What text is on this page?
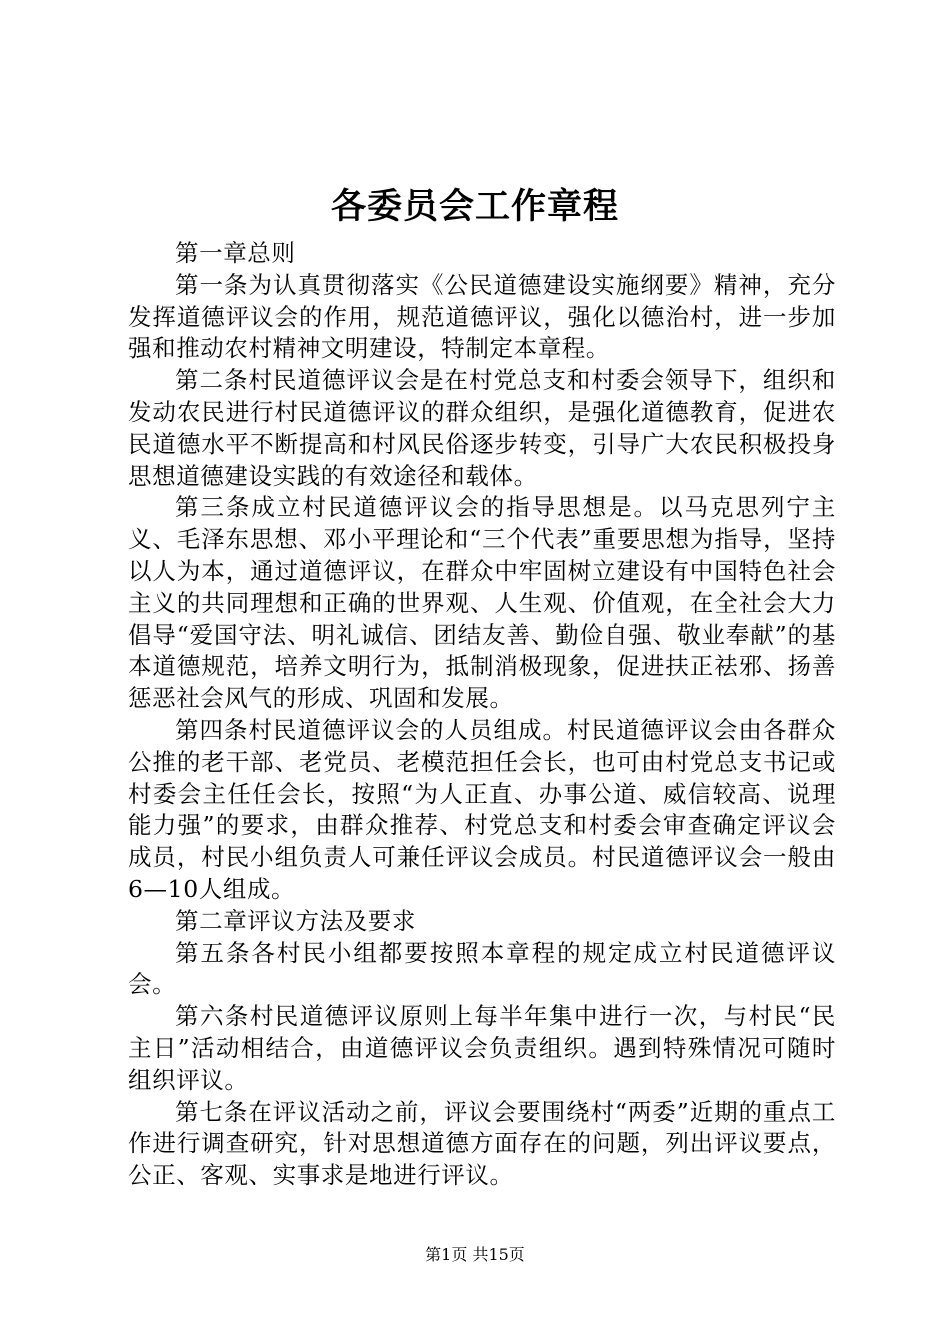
各委员会工作章程

第一章总则

第一条为认真贯彻落实《公民道德建设实施纲要》精神，充分发挥道德评议会的作用，规范道德评议，强化以德治村，进一步加强和推动农村精神文明建设，特制定本章程。

第二条村民道德评议会是在村党总支和村委会领导下，组织和发动农民进行村民道德评议的群众组织，是强化道德教育，促进农民道德水平不断提高和村风民俗逐步转变，引导广大农民积极投身思想道德建设实践的有效途径和载体。

第三条成立村民道德评议会的指导思想是。以马克思列宁主义、毛泽东思想、邓小平理论和“三个代表”重要思想为指导，坚持以人为本，通过道德评议，在群众中牢固树立建设有中国特色社会主义的共同理想和正确的世界观、人生观、价值观，在全社会大力倡导“爱国守法、明礼诚信、团结友善、勤俭自强、敬业奉献”的基本道德规范，培养文明行为，抵制消极现象，促进扶正祛邪、扬善惩恶社会风气的形成、巩固和发展。

第四条村民道德评议会的人员组成。村民道德评议会由各群众公推的老干部、老党员、老模范担任会长，也可由村党总支书记或村委会主任任会长，按照“为人正直、办事公道、威信较高、说理能力强”的要求，由群众推荐、村党总支和村委会审查确定评议会成员，村民小组负责人可兼任评议会成员。村民道德评议会一般由6—10人组成。

第二章评议方法及要求

第五条各村民小组都要按照本章程的规定成立村民道德评议会。

第六条村民道德评议原则上每半年集中进行一次，与村民“民主日”活动相结合，由道德评议会负责组织。遇到特殊情况可随时组织评议。

第七条在评议活动之前，评议会要围绕村“两委”近期的重点工作进行调查研究，针对思想道德方面存在的问题，列出评议要点，公正、客观、实事求是地进行评议。

第1页 共15页
